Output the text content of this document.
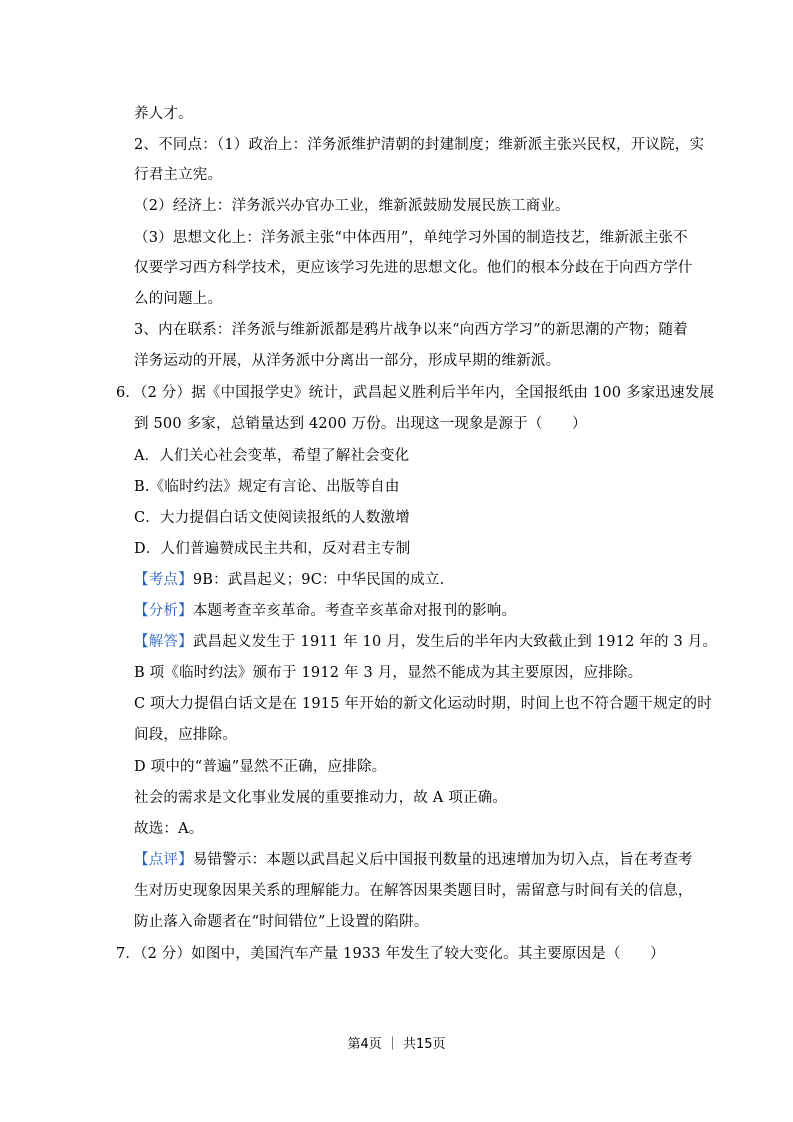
养人才。
2、不同点：（1）政治上：洋务派维护清朝的封建制度；维新派主张兴民权，开议院，实
行君主立宪。
（2）经济上：洋务派兴办官办工业，维新派鼓励发展民族工商业。
（3）思想文化上：洋务派主张“中体西用”，单纯学习外国的制造技艺，维新派主张不
仅要学习西方科学技术，更应该学习先进的思想文化。他们的根本分歧在于向西方学什
么的问题上。
3、内在联系：洋务派与维新派都是鸦片战争以来“向西方学习”的新思潮的产物；随着
洋务运动的开展，从洋务派中分离出一部分，形成早期的维新派。
6．（2 分）据《中国报学史》统计，武昌起义胜利后半年内，全国报纸由 100 多家迅速发展
到 500 多家，总销量达到 4200 万份。出现这一现象是源于（　　）
A．人们关心社会变革，希望了解社会变化
B.《临时约法》规定有言论、出版等自由
C．大力提倡白话文使阅读报纸的人数激增
D．人们普遍赞成民主共和，反对君主专制
【考点】9B：武昌起义；9C：中华民国的成立.
【分析】本题考查辛亥革命。考查辛亥革命对报刊的影响。
【解答】武昌起义发生于 1911 年 10 月，发生后的半年内大致截止到 1912 年的 3 月。
B 项《临时约法》颁布于 1912 年 3 月，显然不能成为其主要原因，应排除。
C 项大力提倡白话文是在 1915 年开始的新文化运动时期，时间上也不符合题干规定的时
间段，应排除。
D 项中的“普遍”显然不正确，应排除。
社会的需求是文化事业发展的重要推动力，故 A 项正确。
故选：A。
【点评】易错警示：本题以武昌起义后中国报刊数量的迅速增加为切入点，旨在考查考
生对历史现象因果关系的理解能力。在解答因果类题目时，需留意与时间有关的信息，
防止落入命题者在“时间错位”上设置的陷阱。
7．（2 分）如图中，美国汽车产量 1933 年发生了较大变化。其主要原因是（　　）
第4页 ｜ 共15页
